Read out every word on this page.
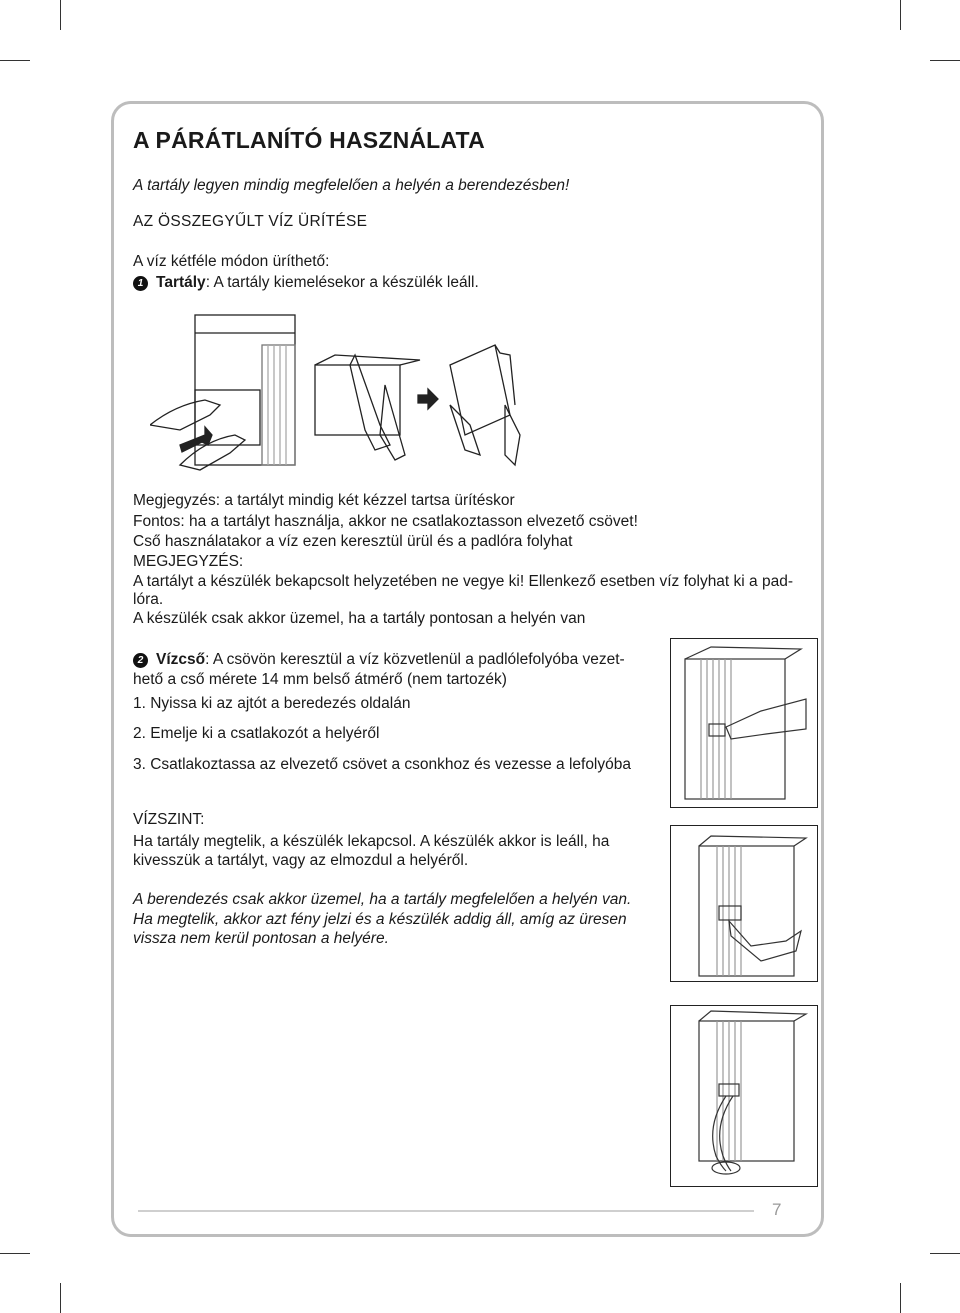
A PÁRÁTLANÍTÓ HASZNÁLATA
A tartály legyen mindig megfelelően a helyén a berendezésben!
AZ ÖSSZEGYŰLT VÍZ ÜRÍTÉSE
A víz kétféle módon üríthető:
1 Tartály: A tartály kiemelésekor a készülék leáll.
Megjegyzés: a tartályt mindig két kézzel tartsa ürítéskor
Fontos: ha a tartályt használja, akkor ne csatlakoztasson elvezető csövet!
Cső használatakor a víz ezen keresztül ürül és a padlóra folyhat
MEGJEGYZÉS:
A tartályt a készülék bekapcsolt helyzetében ne vegye ki! Ellenkező esetben víz folyhat ki a pad-
lóra.
A készülék csak akkor üzemel, ha a tartály pontosan a helyén van
2 Vízcső: A csövön keresztül a víz közvetlenül a padlólefolyóba vezet-
hető a cső mérete 14 mm belső átmérő (nem tartozék)
1. Nyissa ki az ajtót a beredezés oldalán
2. Emelje ki a csatlakozót a helyéről
3. Csatlakoztassa az elvezető csövet a csonkhoz és vezesse a lefolyóba
VÍZSZINT:
Ha tartály megtelik, a készülék lekapcsol. A készülék akkor is leáll, ha
kivesszük a tartályt, vagy az elmozdul a helyéről.
A berendezés csak akkor üzemel, ha a tartály megfelelően a helyén van.
Ha megtelik, akkor azt fény jelzi és a készülék addig áll, amíg az üresen
vissza nem kerül pontosan a helyére.
7
